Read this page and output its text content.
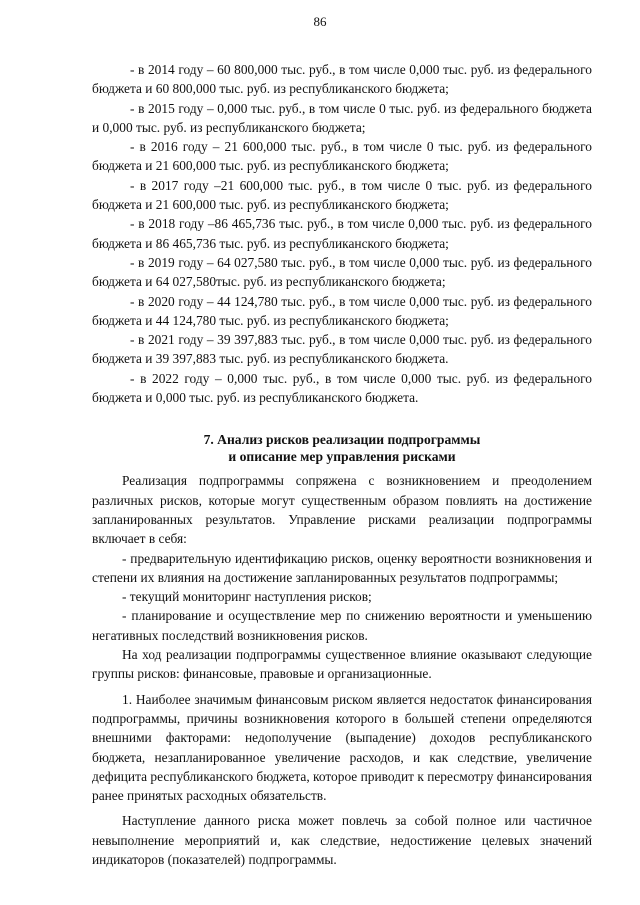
86

- в 2014 году – 60 800,000 тыс. руб., в том числе 0,000 тыс. руб. из федерального бюджета и 60 800,000 тыс. руб. из республиканского бюджета;

- в 2015 году – 0,000 тыс. руб., в том числе 0 тыс. руб. из федерального бюджета и 0,000 тыс. руб. из республиканского бюджета;

- в 2016 году – 21 600,000 тыс. руб., в том числе 0 тыс. руб. из федерального бюджета и 21 600,000 тыс. руб. из республиканского бюджета;

- в 2017 году –21 600,000 тыс. руб., в том числе 0 тыс. руб. из федерального бюджета и 21 600,000 тыс. руб. из республиканского бюджета;

- в 2018 году –86 465,736 тыс. руб., в том числе 0,000 тыс. руб. из федерального бюджета и 86 465,736 тыс. руб. из республиканского бюджета;

- в 2019 году – 64 027,580 тыс. руб., в том числе 0,000 тыс. руб. из федерального бюджета и 64 027,580тыс. руб. из республиканского бюджета;

- в 2020 году – 44 124,780 тыс. руб., в том числе 0,000 тыс. руб. из федерального бюджета и 44 124,780 тыс. руб. из республиканского бюджета;

- в 2021 году – 39 397,883 тыс. руб., в том числе 0,000 тыс. руб. из федерального бюджета и 39 397,883 тыс. руб. из республиканского бюджета.

- в 2022 году – 0,000 тыс. руб., в том числе 0,000 тыс. руб. из федерального бюджета и 0,000 тыс. руб. из республиканского бюджета.

7. Анализ рисков реализации подпрограммы
и описание мер управления рисками

Реализация подпрограммы сопряжена с возникновением и преодолением различных рисков, которые могут существенным образом повлиять на достижение запланированных результатов. Управление рисками реализации подпрограммы включает в себя:

- предварительную идентификацию рисков, оценку вероятности возникновения и степени их влияния на достижение запланированных результатов подпрограммы;

- текущий мониторинг наступления рисков;

- планирование и осуществление мер по снижению вероятности и уменьшению негативных последствий возникновения рисков.

На ход реализации подпрограммы существенное влияние оказывают следующие группы рисков: финансовые, правовые и организационные.

1. Наиболее значимым финансовым риском является недостаток финансирования подпрограммы, причины возникновения которого в большей степени определяются внешними факторами: недополучение (выпадение) доходов республиканского бюджета, незапланированное увеличение расходов, и как следствие, увеличение дефицита республиканского бюджета, которое приводит к пересмотру финансирования ранее принятых расходных обязательств.

Наступление данного риска может повлечь за собой полное или частичное невыполнение мероприятий и, как следствие, недостижение целевых значений индикаторов (показателей) подпрограммы.
